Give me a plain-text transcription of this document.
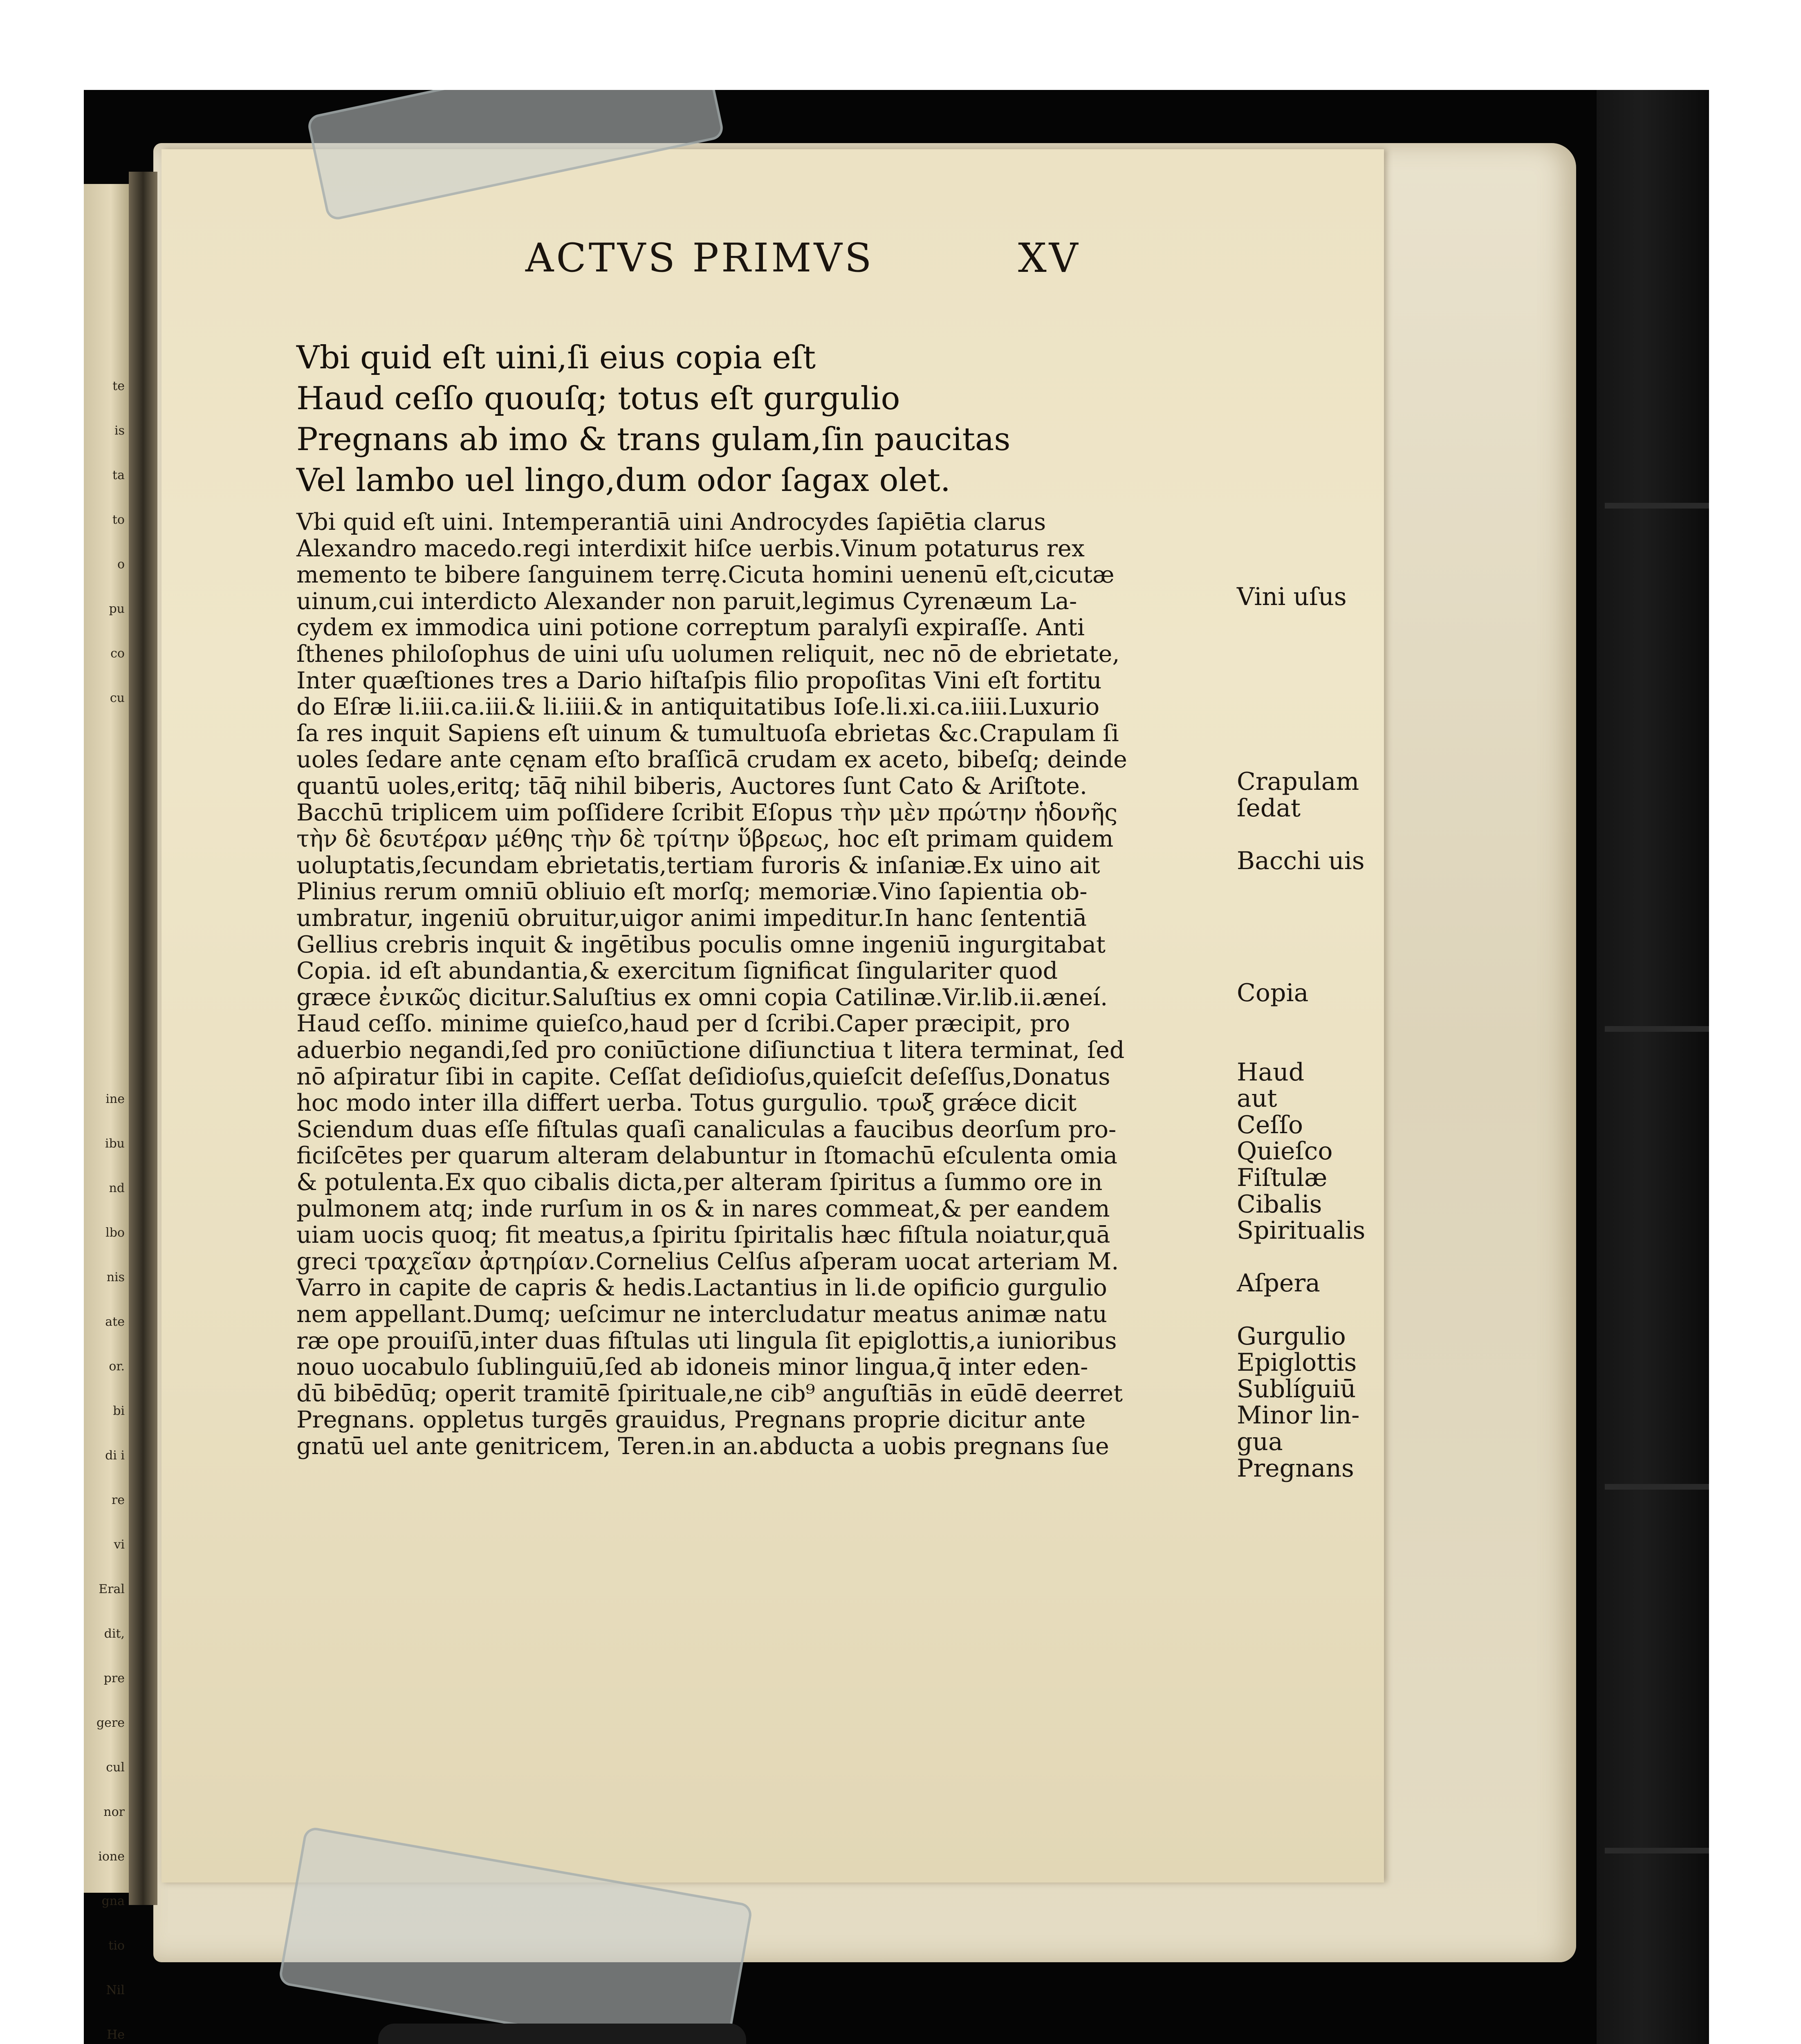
te
is
ta
to
o
pu
co
cu

ine
ibu
nd
lbo
nis
ate
or.
bi
di i
re
vi
Eral
dit,
pre
gere
cul
nor
ione
gna
tio
Nil
He

ACTVS PRIMVS	XV
Vbi quid eſt uini,ſi eius copia eſt
Haud ceſſo quouſq; totus eſt gurgulio
Pregnans ab imo & trans gulam,ſin paucitas
Vel lambo uel lingo,dum odor ſagax olet.
Vbi quid eſt uini. Intemperantiā uini Androcydes ſapiētia clarus
Alexandro macedo.regi interdixit hiſce uerbis.Vinum potaturus rex
memento te bibere ſanguinem terrę.Cicuta homini uenenū eſt,cicutæ
uinum,cui interdicto Alexander non paruit,legimus Cyrenæum La-
cydem ex immodica uini potione correptum paralyſi expiraſſe. Anti
ſthenes philoſophus de uini uſu uolumen reliquit, nec nō de ebrietate,
Inter quæſtiones tres a Dario hiſtaſpis filio propoſitas Vini eſt fortitu
do Eſræ li.iii.ca.iii.& li.iiii.& in antiquitatibus Ioſe.li.xi.ca.iiii.Luxurio
ſa res inquit Sapiens eſt uinum & tumultuoſa ebrietas &c.Crapulam ſi
uoles ſedare ante cęnam eſto braſſicā crudam ex aceto, bibeſq; deinde
quantū uoles,eritq; tāq̄ nihil biberis, Auctores ſunt Cato & Ariſtote.
Bacchū triplicem uim poſſidere ſcribit Eſopus τὴν μὲν πρώτην ἡδονῆς
τὴν δὲ δευτέραν μέθης τὴν δὲ τρίτην ὕβρεως, hoc eſt primam quidem
uoluptatis,ſecundam ebrietatis,tertiam furoris & inſaniæ.Ex uino ait
Plinius rerum omniū obliuio eſt morſq; memoriæ.Vino ſapientia ob-
umbratur, ingeniū obruitur,uigor animi impeditur.In hanc ſententiā
Gellius crebris inquit & ingētibus poculis omne ingeniū ingurgitabat
Copia. id eſt abundantia,& exercitum ſignificat ſingulariter quod
græce ἐνικῶς dicitur.Saluſtius ex omni copia Catilinæ.Vir.lib.ii.æneí.
Haud ceſſo. minime quieſco,haud per d ſcribi.Caper præcipit, pro
aduerbio negandi,ſed pro coniūctione diſiunctiua t litera terminat, ſed
nō aſpiratur ſibi in capite. Ceſſat deſidioſus,quieſcit deſeſſus,Donatus
hoc modo inter illa differt uerba. Totus gurgulio. τρωξ grǽce dicit
Sciendum duas eſſe fiſtulas quaſi canaliculas a faucibus deorſum pro-
ficiſcētes per quarum alteram delabuntur in ſtomachū eſculenta omia
& potulenta.Ex quo cibalis dicta,per alteram ſpiritus a ſummo ore in
pulmonem atq; inde rurſum in os & in nares commeat,& per eandem
uiam uocis quoq; fit meatus,a ſpiritu ſpiritalis hæc fiſtula noiatur,quā
greci τραχεῖαν ἀρτηρίαν.Cornelius Celſus aſperam uocat arteriam M.
Varro in capite de capris & hedis.Lactantius in li.de opificio gurgulio
nem appellant.Dumq; ueſcimur ne intercludatur meatus animæ natu
ræ ope prouiſū,inter duas fiſtulas uti lingula ſit epiglottis,a iunioribus
nouo uocabulo ſublinguiū,ſed ab idoneis minor lingua,q̄ inter eden-
dū bibēdūq; operit tramitē ſpirituale,ne cib⁹ anguſtiās in eūdē deerret
Pregnans. oppletus turgēs grauidus, Pregnans proprie dicitur ante
gnatū uel ante genitricem, Teren.in an.abducta a uobis pregnans ſue
Vini uſus
Crapulam
ſedat
Bacchi uis
Copia
Haud
aut
Ceſſo
Quieſco
Fiſtulæ
Cibalis
Spiritualis
Aſpera
Gurgulio
Epiglottis
Sublíguiū
Minor lin-
gua
Pregnans
